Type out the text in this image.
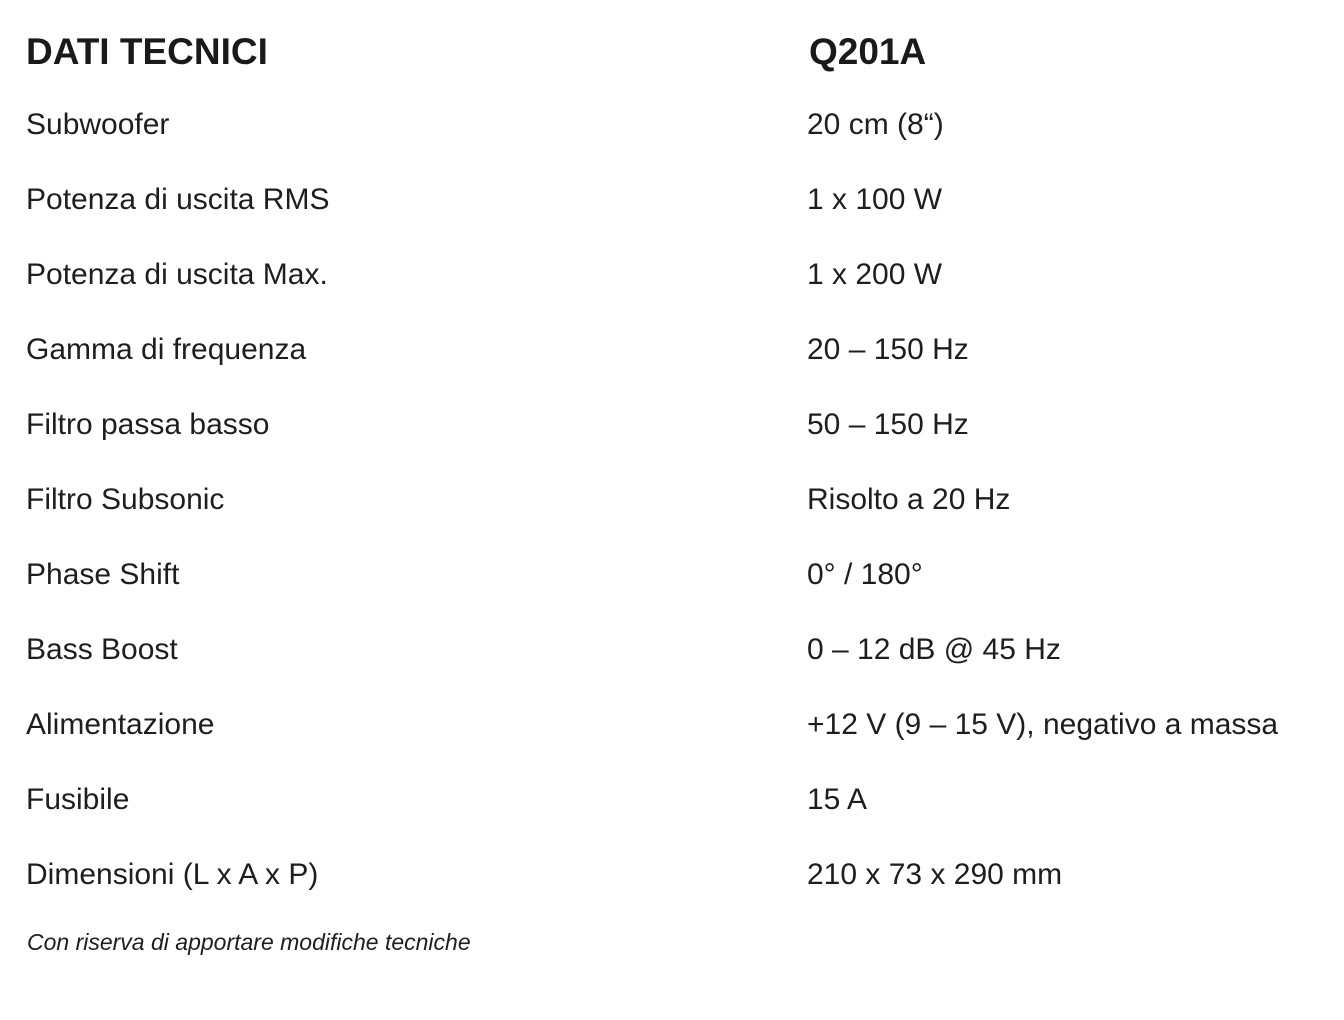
DATI TECNICI	Q201A
Subwoofer	20 cm (8“)
Potenza di uscita RMS	1 x 100 W
Potenza di uscita Max.	1 x 200 W
Gamma di frequenza	20 – 150 Hz
Filtro passa basso	50 – 150 Hz
Filtro Subsonic	Risolto a 20 Hz
Phase Shift	0° / 180°
Bass Boost	0 – 12 dB @ 45 Hz
Alimentazione	+12 V (9 – 15 V), negativo a massa
Fusibile	15 A
Dimensioni (L x A x P)	210 x 73 x 290 mm
Con riserva di apportare modifiche tecniche
